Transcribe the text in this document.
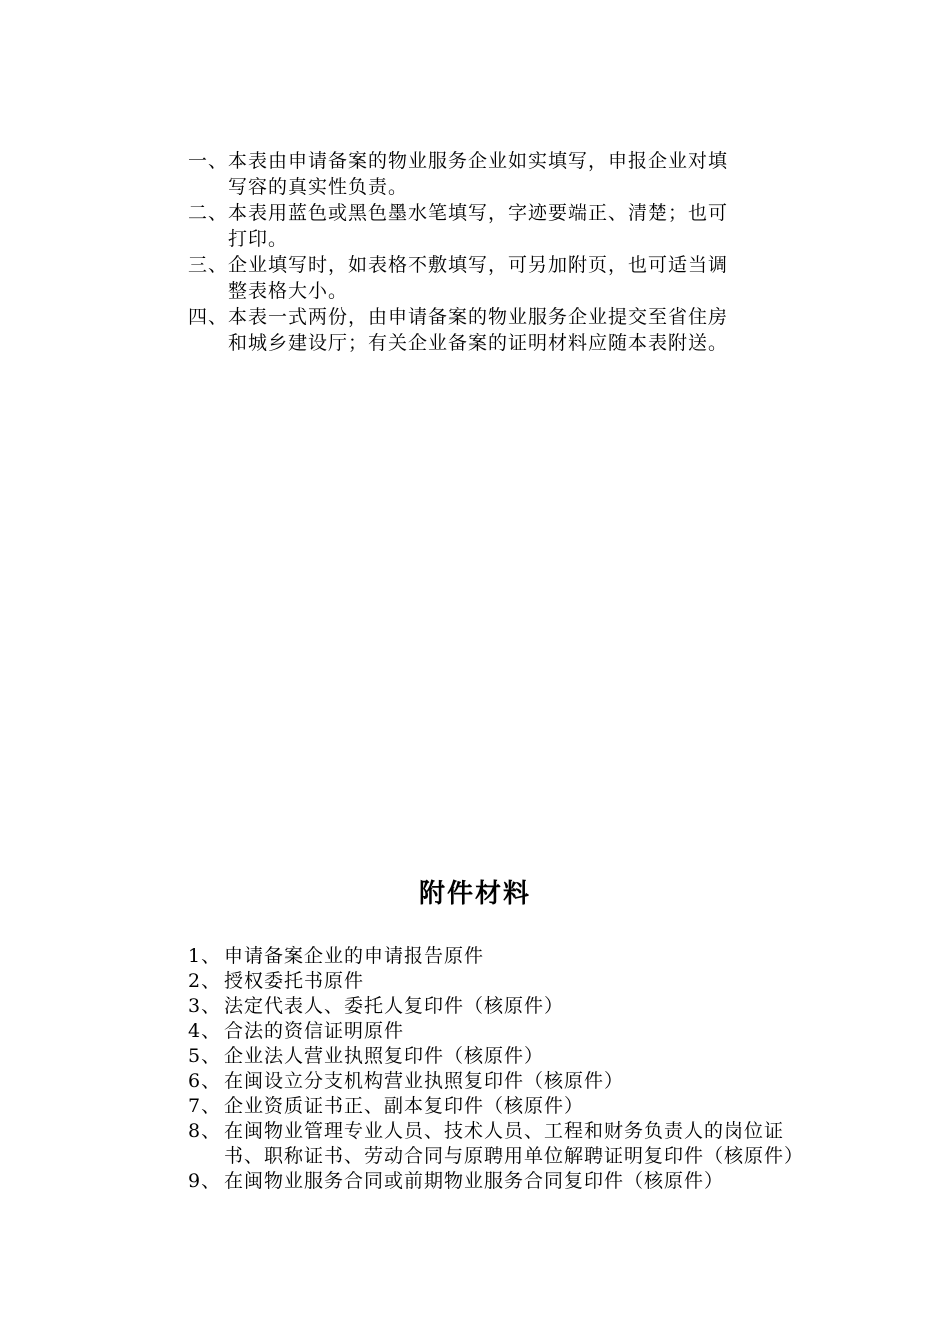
一、 本表由申请备案的物业服务企业如实填写，申报企业对填写容的真实性负责。
二、 本表用蓝色或黑色墨水笔填写，字迹要端正、清楚；也可打印。
三、 企业填写时，如表格不敷填写，可另加附页，也可适当调整表格大小。
四、 本表一式两份，由申请备案的物业服务企业提交至省住房和城乡建设厅；有关企业备案的证明材料应随本表附送。
附件材料
1、 申请备案企业的申请报告原件
2、 授权委托书原件
3、 法定代表人、委托人复印件（核原件）
4、 合法的资信证明原件
5、 企业法人营业执照复印件（核原件）
6、 在闽设立分支机构营业执照复印件（核原件）
7、 企业资质证书正、副本复印件（核原件）
8、 在闽物业管理专业人员、技术人员、工程和财务负责人的岗位证书、职称证书、劳动合同与原聘用单位解聘证明复印件（核原件）
9、 在闽物业服务合同或前期物业服务合同复印件（核原件）
